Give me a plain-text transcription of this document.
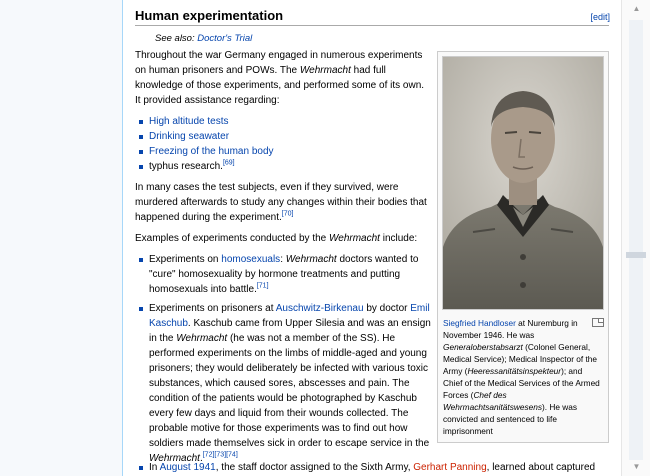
Human experimentation	[edit]
See also: Doctor's Trial

Throughout the war Germany engaged in numerous experiments on human prisoners and POWs. The Wehrmacht had full knowledge of those experiments, and performed some of its own. It provided assistance regarding:

High altitude tests
Drinking seawater
Freezing of the human body
typhus research.[69]

In many cases the test subjects, even if they survived, were murdered afterwards to study any changes within their bodies that happened during the experiment.[70]

Examples of experiments conducted by the Wehrmacht include:

Experiments on homosexuals: Wehrmacht doctors wanted to "cure" homosexuality by hormone treatments and putting homosexuals into battle.[71]
Experiments on prisoners at Auschwitz-Birkenau by doctor Emil Kaschub. Kaschub came from Upper Silesia and was an ensign in the Wehrmacht (he was not a member of the SS). He performed experiments on the limbs of middle-aged and young prisoners; they would deliberately be infected with various toxic substances, which caused sores, abscesses and pain. The condition of the patients would be photographed by Kaschub every few days and liquid from their wounds collected. The probable motive for those experiments was to find out how soldiers made themselves sick in order to escape service in the Wehrmacht.[72][73][74]
In August 1941, the staff doctor assigned to the Sixth Army, Gerhart Panning, learned about captured
Siegfried Handloser at Nuremburg in November 1946. He was Generaloberstabsarzt (Colonel General, Medical Service); Medical Inspector of the Army (Heeressanitätsinspekteur); and Chief of the Medical Services of the Armed Forces (Chef des Wehrmachtsanitätswesens). He was convicted and sentenced to life imprisonment
▲
▼
